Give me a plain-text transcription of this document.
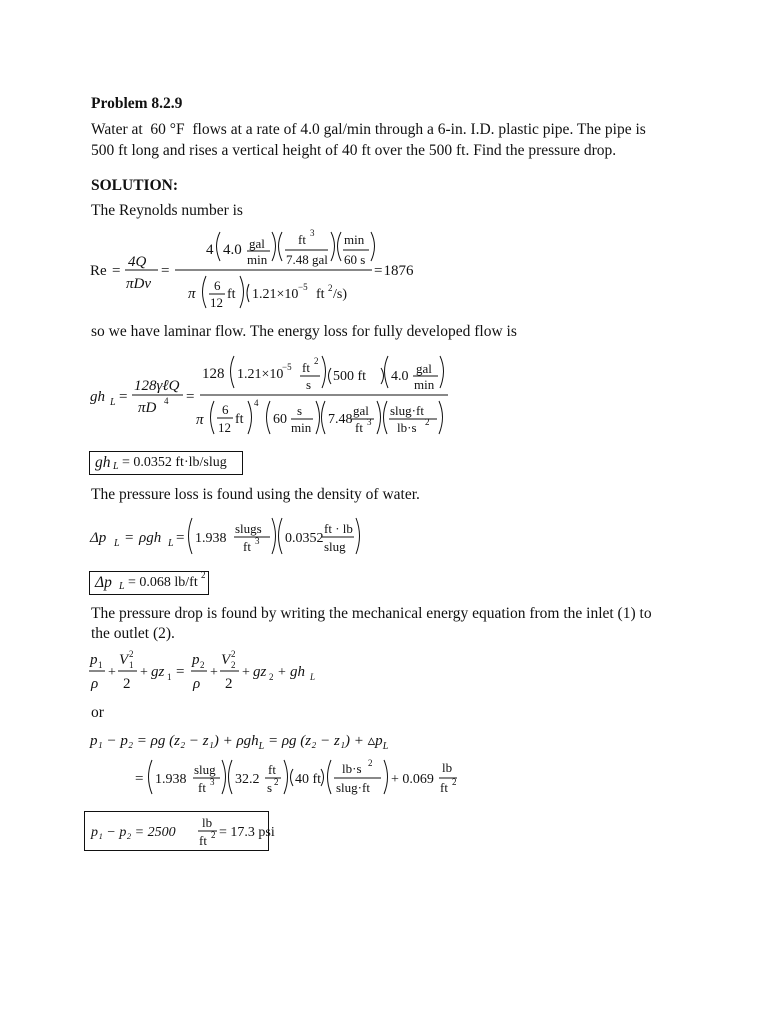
Problem 8.2.9
Water at  60 °F  flows at a rate of 4.0 gal/min through a 6-in. I.D. plastic pipe. The pipe is
500 ft long and rises a vertical height of 40 ft over the 500 ft. Find the pressure drop.
SOLUTION:
The Reynolds number is
Re =
4Q
πDν
=
4 4.0 gal
min
ft 3
7.48 gal
min
60 s
π
6
12
ft 1.21×10 −5 ft 2 /s)
=1876
so we have laminar flow. The energy loss for fully developed flow is
gh L =
128γℓQ
πD 4 =
128 1.21×10
−5 ft 2
s
500 ft 4.0
gal
min
π
6
12
ft
4
60
s
min
7.48
gal
ft 3
slug·ft
lb·s 2
gh L = 0.0352 ft·lb/slug
The pressure loss is found using the density of water.
Δp L = ρgh L = 1.938
slugs
ft 3 0.0352
ft · lb
slug
Δp L = 0.068 lb/ft 2
The pressure drop is found by writing the mechanical energy equation from the inlet (1) to
the outlet (2).
p 1
ρ
+
V 2
1
2
+ gz 1 =
p 2
ρ
+
V 2
2
2
+ gz 2 + gh L
or
p₁ − p₂ = ρg (z₂ − z₁) + ρgh$_L$ = ρg $(z_2 - z_1) + ▵p_L$
= 1.938
slug
ft 3 32.2
ft
s 2 40 ft
lb·s 2
slug·ft
+ 0.069
lb
ft 2
p₁ − p₂ = 2500
lb
ft 2 = 17.3 psi
